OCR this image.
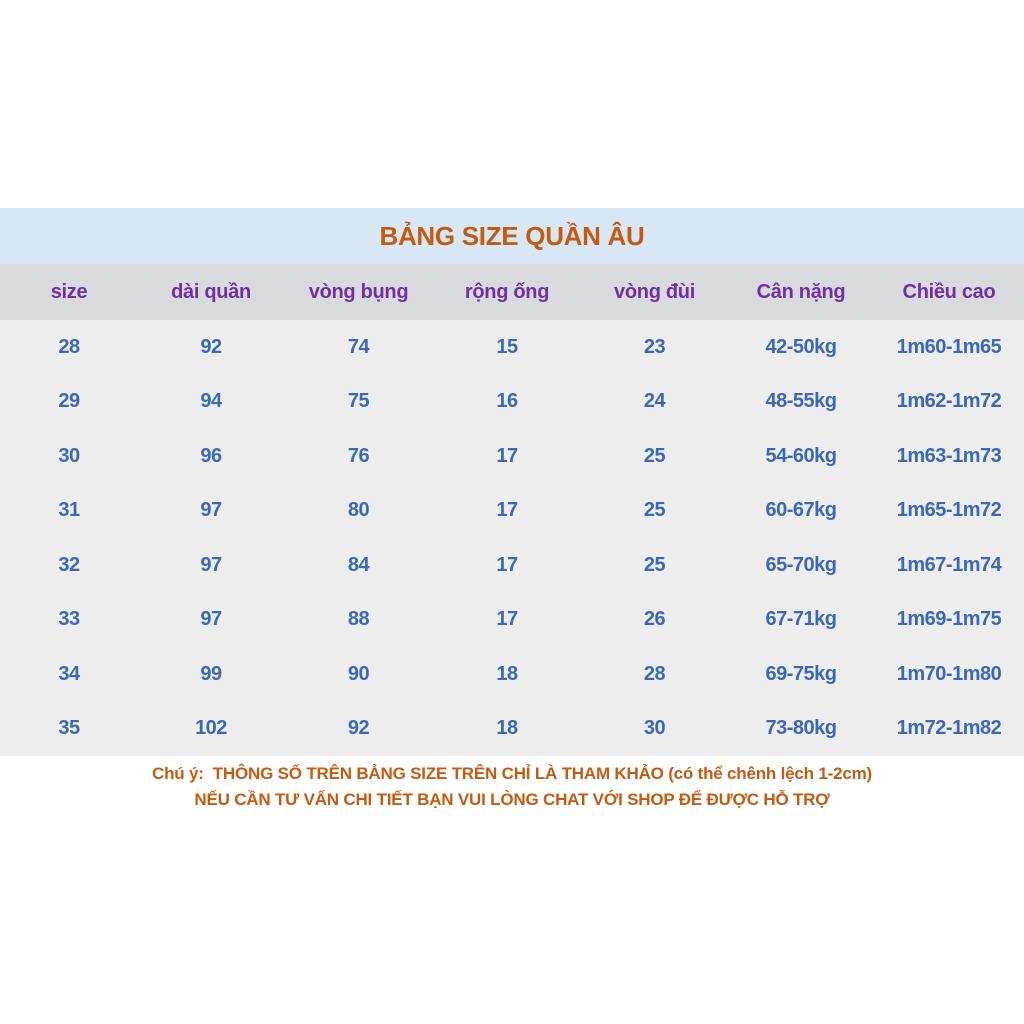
BẢNG SIZE QUẦN ÂU
size	dài quần	vòng bụng	rộng ống	vòng đùi	Cân nặng	Chiều cao
28	92	74	15	23	42-50kg	1m60-1m65
29	94	75	16	24	48-55kg	1m62-1m72
30	96	76	17	25	54-60kg	1m63-1m73
31	97	80	17	25	60-67kg	1m65-1m72
32	97	84	17	25	65-70kg	1m67-1m74
33	97	88	17	26	67-71kg	1m69-1m75
34	99	90	18	28	69-75kg	1m70-1m80
35	102	92	18	30	73-80kg	1m72-1m82
Chú ý:  THÔNG SỐ TRÊN BẢNG SIZE TRÊN CHỈ LÀ THAM KHẢO (có thể chênh lệch 1-2cm)
NẾU CẦN TƯ VẤN CHI TIẾT BẠN VUI LÒNG CHAT VỚI SHOP ĐỂ ĐƯỢC HỖ TRỢ
